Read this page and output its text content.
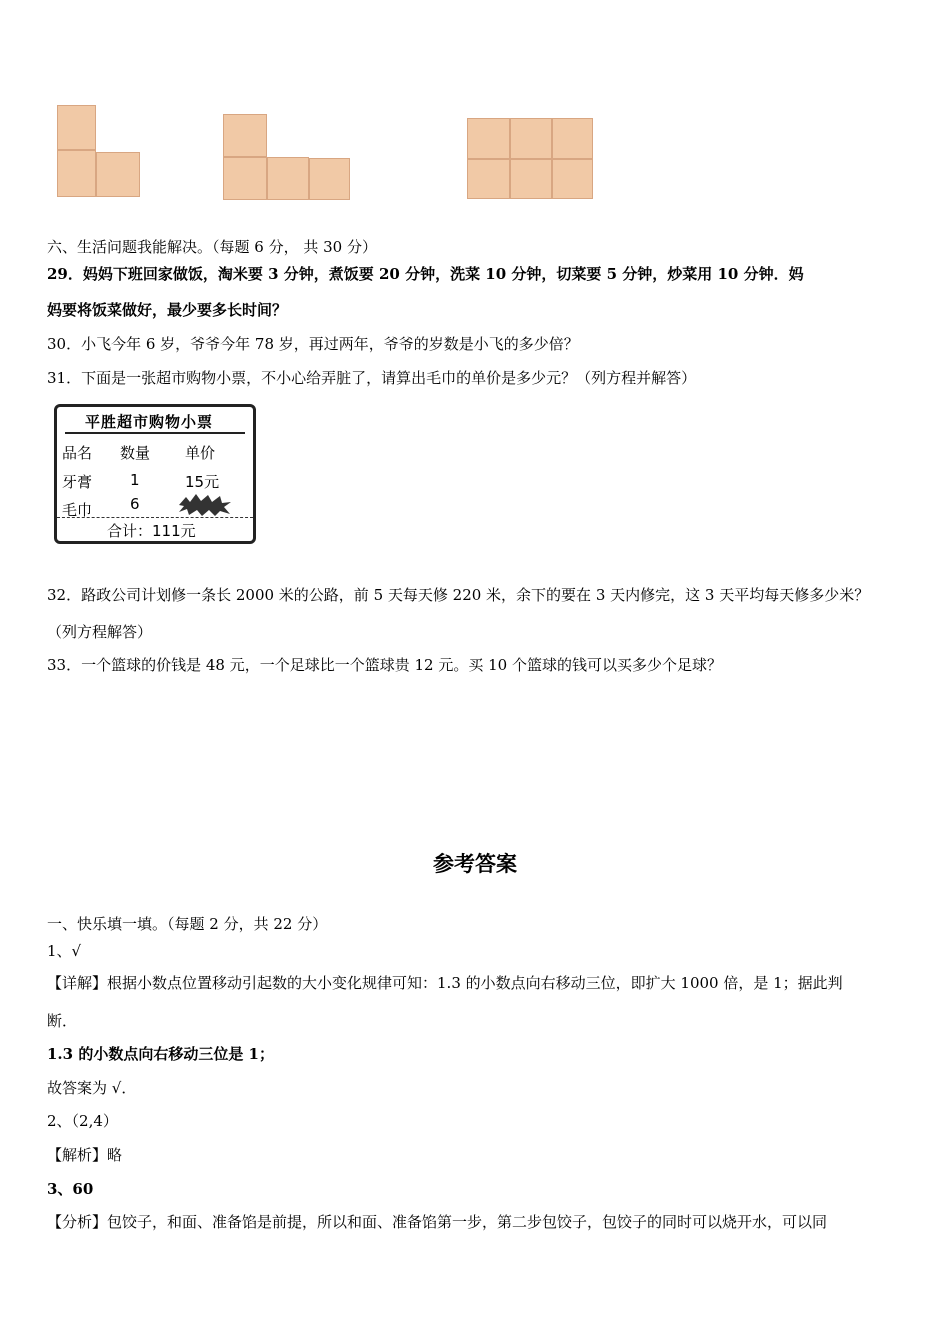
六、生活问题我能解决。（每题 6 分， 共 30 分）
29．妈妈下班回家做饭，淘米要 3 分钟，煮饭要 20 分钟，洗菜 10 分钟，切菜要 5 分钟，炒菜用 10 分钟．妈
妈要将饭菜做好，最少要多长时间？
30．小飞今年 6 岁，爷爷今年 78 岁，再过两年，爷爷的岁数是小飞的多少倍？
31．下面是一张超市购物小票，不小心给弄脏了，请算出毛巾的单价是多少元？（列方程并解答）
平胜超市购物小票
品名 数量 单价
牙膏	1	15元
毛巾	6
合计：111元
32．路政公司计划修一条长 2000 米的公路，前 5 天每天修 220 米，余下的要在 3 天内修完，这 3 天平均每天修多少米？
（列方程解答）
33．一个篮球的价钱是 48 元，一个足球比一个篮球贵 12 元。买 10 个篮球的钱可以买多少个足球？
参考答案
一、快乐填一填。（每题 2 分，共 22 分）
1、√
【详解】根据小数点位置移动引起数的大小变化规律可知：1.3 的小数点向右移动三位，即扩大 1000 倍，是 1；据此判
断．
1.3 的小数点向右移动三位是 1；
故答案为 √．
2、（2,4）
【解析】略
3、60
【分析】包饺子，和面、准备馅是前提，所以和面、准备馅第一步，第二步包饺子，包饺子的同时可以烧开水，可以同
